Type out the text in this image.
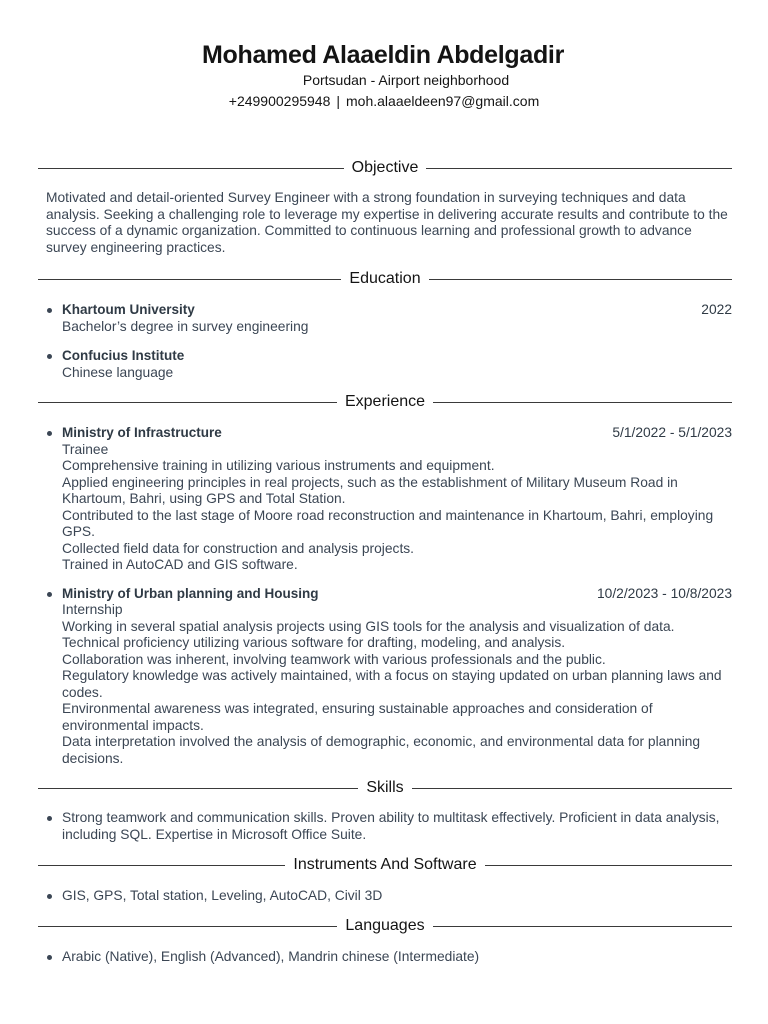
Mohamed Alaaeldin Abdelgadir
Portsudan - Airport neighborhood
+249900295948 | moh.alaaeldeen97@gmail.com
Objective
Motivated and detail-oriented Survey Engineer with a strong foundation in surveying techniques and data analysis. Seeking a challenging role to leverage my expertise in delivering accurate results and contribute to the success of a dynamic organization. Committed to continuous learning and professional growth to advance survey engineering practices.
Education
Khartoum University	2022
Bachelor’s degree in survey engineering
Confucius Institute
Chinese language
Experience
Ministry of Infrastructure	5/1/2022 - 5/1/2023
Trainee
Comprehensive training in utilizing various instruments and equipment.
Applied engineering principles in real projects, such as the establishment of Military Museum Road in Khartoum, Bahri, using GPS and Total Station.
Contributed to the last stage of Moore road reconstruction and maintenance in Khartoum, Bahri, employing GPS.
Collected field data for construction and analysis projects.
Trained in AutoCAD and GIS software.
Ministry of Urban planning and Housing	10/2/2023 - 10/8/2023
Internship
Working in several spatial analysis projects using GIS tools for the analysis and visualization of data.
Technical proficiency utilizing various software for drafting, modeling, and analysis.
Collaboration was inherent, involving teamwork with various professionals and the public.
Regulatory knowledge was actively maintained, with a focus on staying updated on urban planning laws and codes.
Environmental awareness was integrated, ensuring sustainable approaches and consideration of environmental impacts.
Data interpretation involved the analysis of demographic, economic, and environmental data for planning decisions.
Skills
Strong teamwork and communication skills. Proven ability to multitask effectively. Proficient in data analysis, including SQL. Expertise in Microsoft Office Suite.
Instruments And Software
GIS, GPS, Total station, Leveling, AutoCAD, Civil 3D
Languages
Arabic (Native), English (Advanced), Mandrin chinese (Intermediate)
